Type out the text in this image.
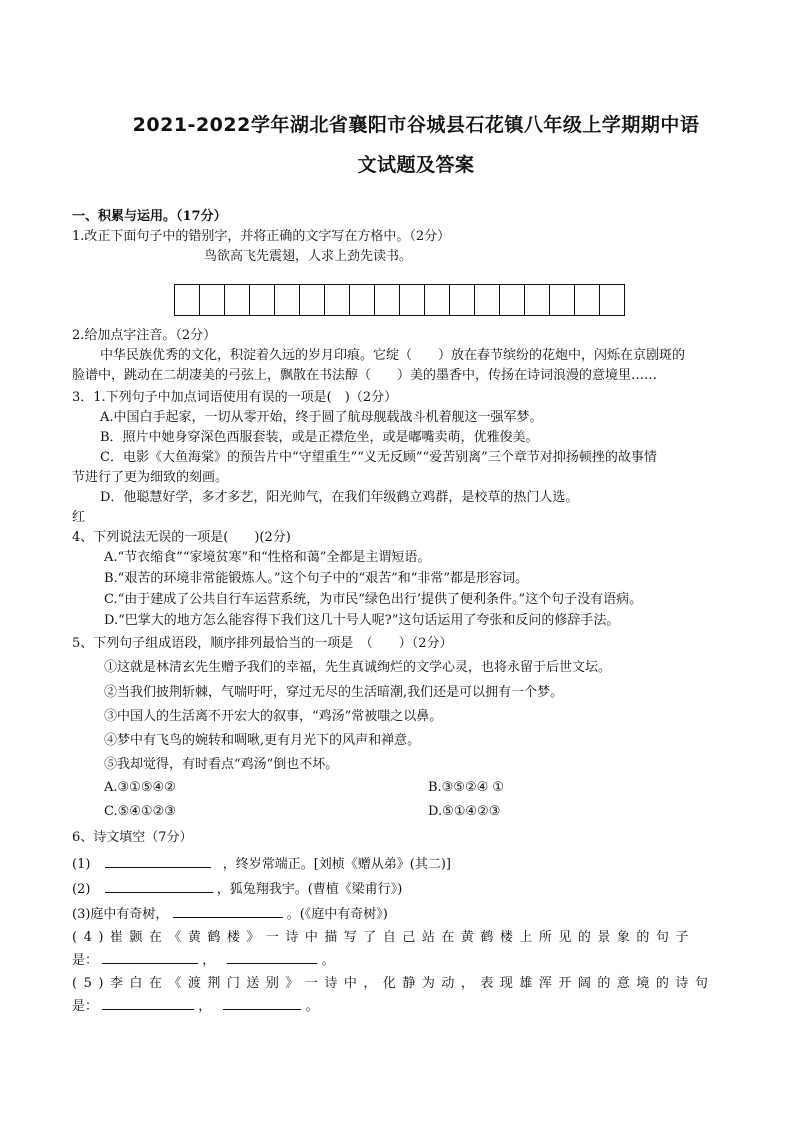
2021-2022学年湖北省襄阳市谷城县石花镇八年级上学期期中语
文试题及答案
一、积累与运用。（17分）
1.改正下面句子中的错别字，并将正确的文字写在方格中。（2分）
鸟欲高飞先震翅，人求上劲先读书。
2.给加点字注音。（2分）
中华民族优秀的文化，积淀着久远的岁月印痕。它绽（　　）放在春节缤纷的花炮中，闪烁在京剧斑的
脸谱中，跳动在二胡凄美的弓弦上，飘散在书法醇（　　）美的墨香中，传扬在诗词浪漫的意境里……
3．1.下列句子中加点词语使用有误的一项是(　)（2分）
A.中国白手起家，一切从零开始，终于圆了航母舰载战斗机着舰这一强军梦。
B．照片中她身穿深色西服套装，或是正襟危坐，或是嘟嘴卖萌，优雅俊美。
C．电影《大鱼海棠》的预告片中“守望重生”“义无反顾”“爱苦别离”三个章节对抑扬顿挫的故事情
节进行了更为细致的刻画。
D．他聪慧好学，多才多艺，阳光帅气，在我们年级鹤立鸡群，是校草的热门人选。
红
4、下列说法无误的一项是(　　)(2分)
A.“节衣缩食”“家境贫寒”和“性格和蔼”全都是主谓短语。
B.“艰苦的环境非常能锻炼人。”这个句子中的“艰苦”和“非常”都是形容词。
C.“由于建成了公共自行车运营系统，为市民“绿色出行’提供了便利条件。”这个句子没有语病。
D.“巴掌大的地方怎么能容得下我们这几十号人呢?”这句话运用了夸张和反问的修辞手法。
5、下列句子组成语段，顺序排列最恰当的一项是　（　　）（2分）
①这就是林清玄先生赠予我们的幸福，先生真诚绚烂的文学心灵，也将永留于后世文坛。
②当我们披荆斩棘，气喘吁吁，穿过无尽的生活暗潮,我们还是可以拥有一个梦。
③中国人的生活离不开宏大的叙事，“鸡汤”常被嗤之以鼻。
④梦中有飞鸟的婉转和啁啾,更有月光下的风声和禅意。
⑤我却觉得，有时看点“鸡汤”倒也不坏。
A.③①⑤④②	B.③⑤②④ ①
C.⑤④①②③	D.⑤①④②③
6、诗文填空（7分）
(1)	，终岁常端正。[刘桢《赠从弟》(其二)]
(2)	，狐兔翔我宇。(曹植《梁甫行》)
(3)庭中有奇树，	。(《庭中有奇树》)
(4)崔颢在《黄鹤楼》一诗中描写了自己站在黄鹤楼上所见的景象的句子
是：	，	。
(5)李白在《渡荆门送别》一诗中，化静为动，表现雄浑开阔的意境的诗句
是：	，	。
